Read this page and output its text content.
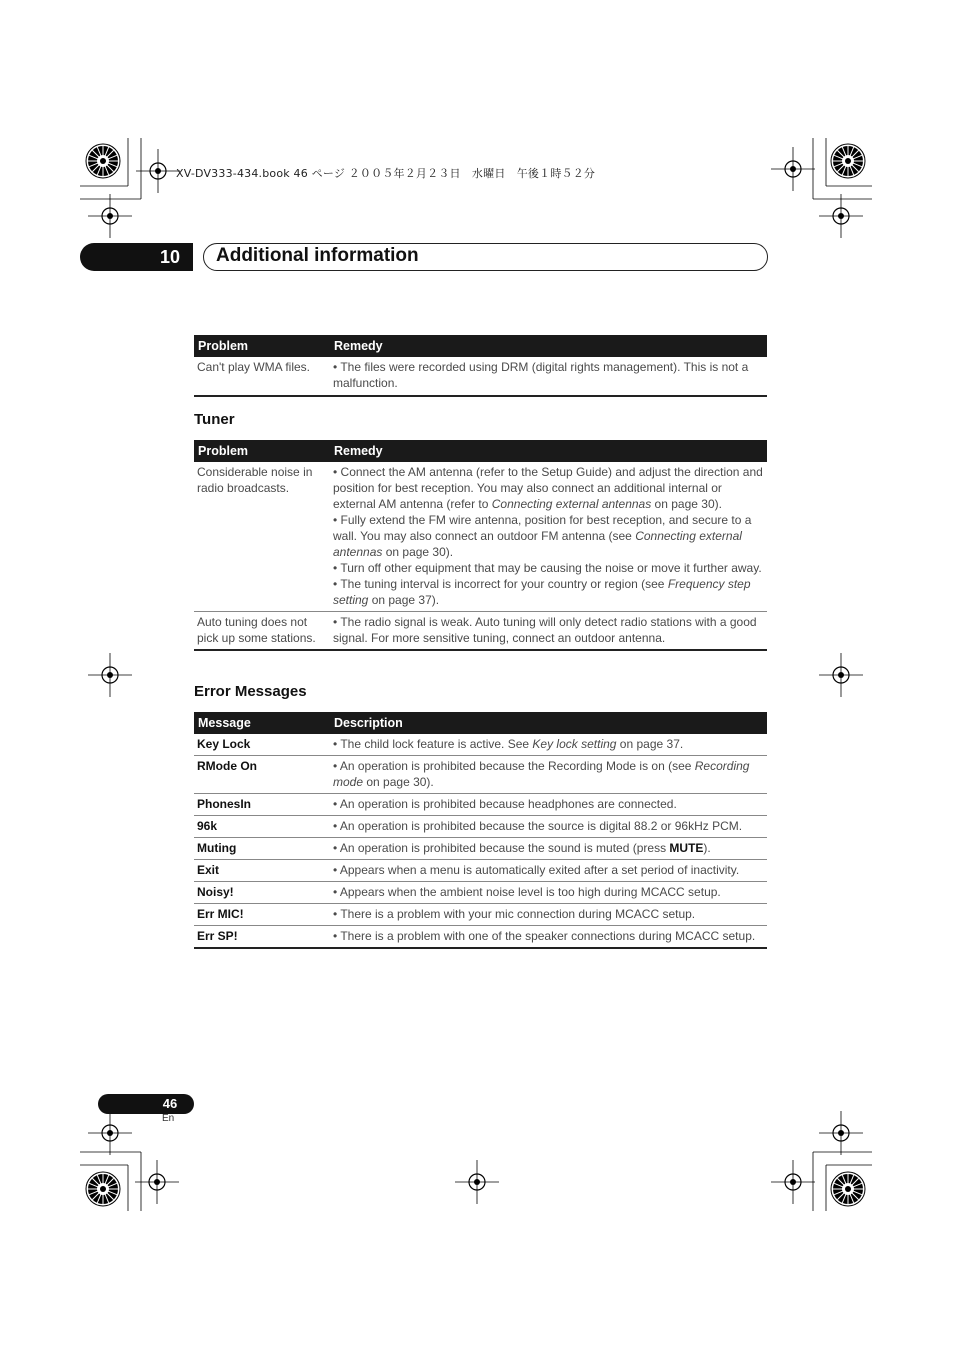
XV-DV333-434.book 46 ページ ２００５年２月２３日　水曜日　午後１時５２分
10	Additional information
Problem	Remedy
Can't play WMA files.	• The files were recorded using DRM (digital rights management). This is not a malfunction.
Tuner
Problem	Remedy
Considerable noise in radio broadcasts.	• Connect the AM antenna (refer to the Setup Guide) and adjust the direction and position for best reception. You may also connect an additional internal or external AM antenna (refer to Connecting external antennas on page 30).
• Fully extend the FM wire antenna, position for best reception, and secure to a wall. You may also connect an outdoor FM antenna (see Connecting external antennas on page 30).
• Turn off other equipment that may be causing the noise or move it further away.
• The tuning interval is incorrect for your country or region (see Frequency step setting on page 37).
Auto tuning does not pick up some stations.	• The radio signal is weak. Auto tuning will only detect radio stations with a good signal. For more sensitive tuning, connect an outdoor antenna.
Error Messages
Message	Description
Key Lock	• The child lock feature is active. See Key lock setting on page 37.
RMode On	• An operation is prohibited because the Recording Mode is on (see Recording mode on page 30).
PhonesIn	• An operation is prohibited because headphones are connected.
96k	• An operation is prohibited because the source is digital 88.2 or 96kHz PCM.
Muting	• An operation is prohibited because the sound is muted (press MUTE).
Exit	• Appears when a menu is automatically exited after a set period of inactivity.
Noisy!	• Appears when the ambient noise level is too high during MCACC setup.
Err MIC!	• There is a problem with your mic connection during MCACC setup.
Err SP!	• There is a problem with one of the speaker connections during MCACC setup.
46
En
